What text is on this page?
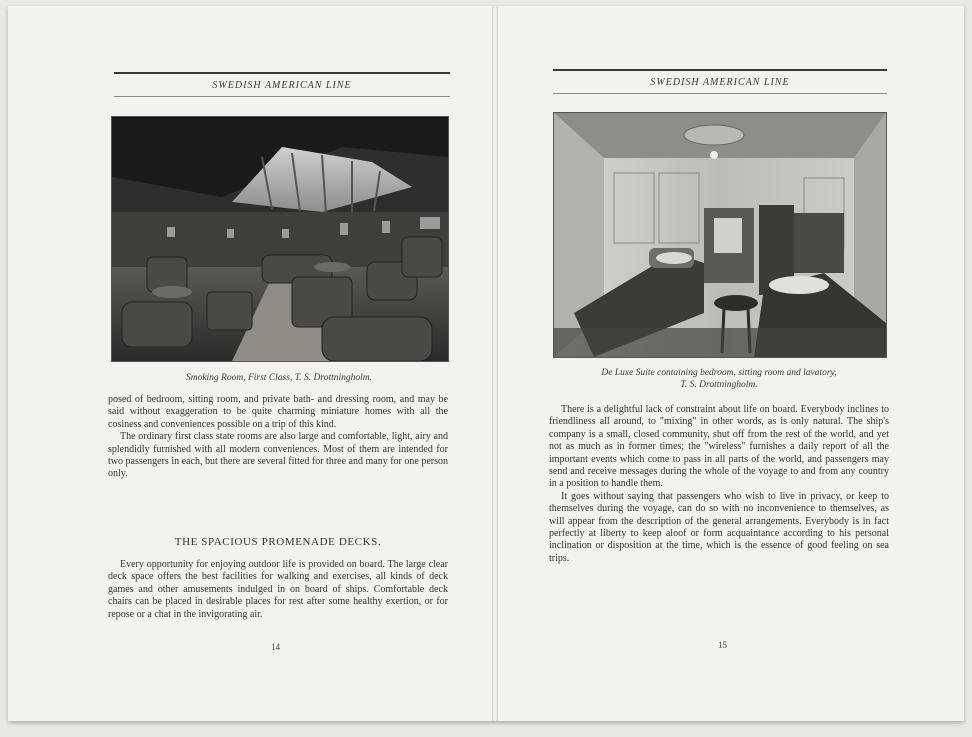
SWEDISH AMERICAN LINE
Smoking Room, First Class, T. S. Drottningholm.

posed of bedroom, sitting room, and private bath- and dressing room, and may be said without exaggeration to be quite charming miniature homes with all the cosiness and conveniences possible on a trip of this kind.

The ordinary first class state rooms are also large and comfortable, light, airy and splendidly furnished with all modern conveniences. Most of them are intended for two passengers in each, but there are several fitted for three and many for one person only.

THE SPACIOUS PROMENADE DECKS.

Every opportunity for enjoying outdoor life is provided on board. The large clear deck space offers the best facilities for walking and exercises, all kinds of deck games and other amusements indulged in on board of ships. Comfortable deck chairs can be placed in desirable places for rest after some healthy exertion, or for repose or a chat in the invigorating air.

14
SWEDISH AMERICAN LINE
De Luxe Suite containing bedroom, sitting room and lavatory,
T. S. Drottningholm.

There is a delightful lack of constraint about life on board. Everybody inclines to friendliness all around, to "mixing" in other words, as is only natural. The ship's company is a small, closed community, shut off from the rest of the world, and yet not as much as in former times; the "wireless" furnishes a daily report of all the important events which come to pass in all parts of the world, and passengers may send and receive messages during the whole of the voyage to and from any country in a position to handle them.

It goes without saying that passengers who wish to live in privacy, or keep to themselves during the voyage, can do so with no inconvenience to themselves, as will appear from the description of the general arrangements. Everybody is in fact perfectly at liberty to keep aloof or form acquaintance according to his personal inclination or disposition at the time, which is the essence of good feeling on sea trips.

15
